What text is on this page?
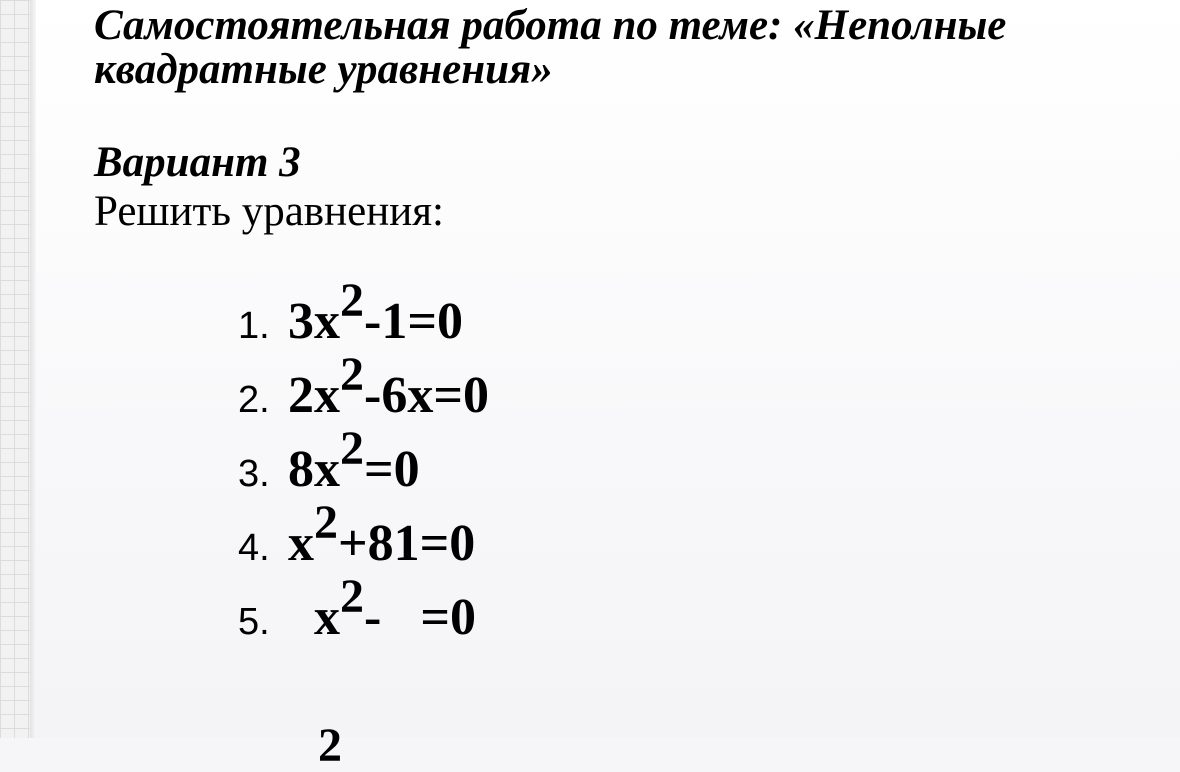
Самостоятельная работа по теме: «Неполные квадратные уравнения»
Вариант 3
Решить уравнения:
1. 3x2-1=0
2. 2x2-6x=0
3. 8x2=0
4. x2+81=0
5. x2-   =0
2
